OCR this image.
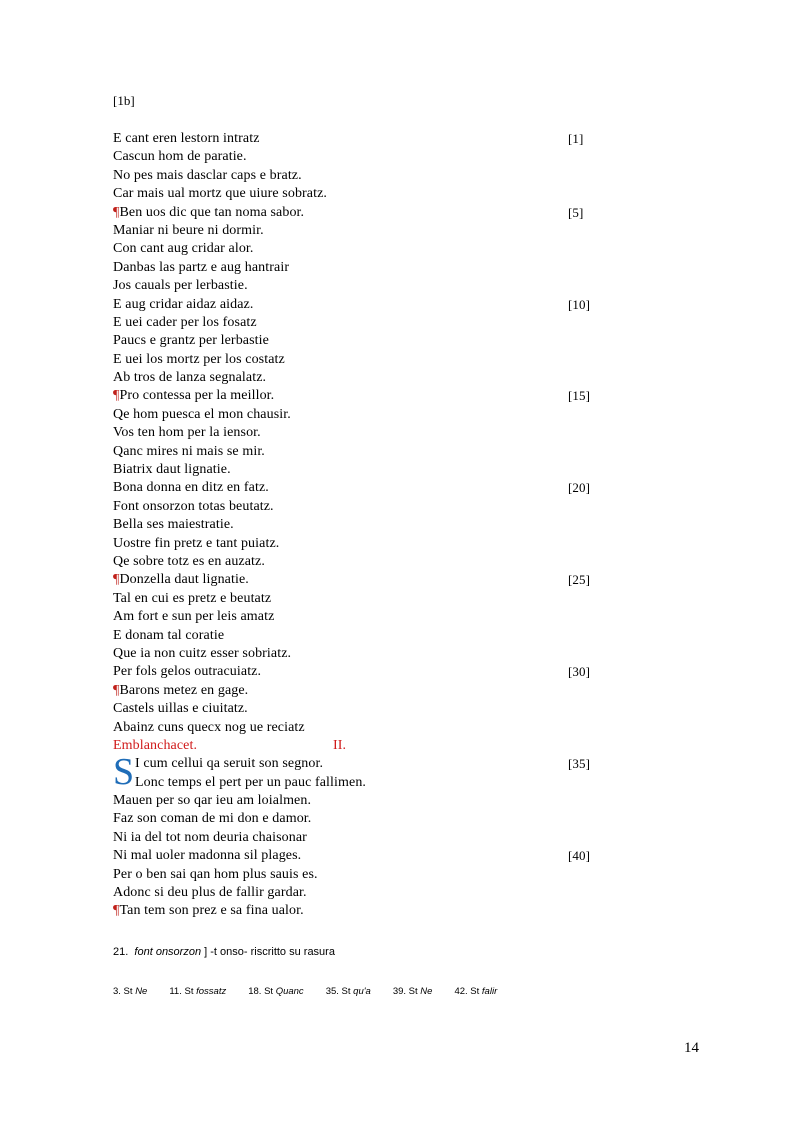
[1b]
E cant eren lestorn intratz	[1]
Cascun hom de paratie.
No pes mais dasclar caps e bratz.
Car mais ual mortz que uiure sobratz.
¶Ben uos dic que tan noma sabor.	[5]
Maniar ni beure ni dormir.
Con cant aug cridar alor.
Danbas las partz e aug hantrair
Jos cauals per lerbastie.
E aug cridar aidaz aidaz.	[10]
E uei cader per los fosatz
Paucs e grantz per lerbastie
E uei los mortz per los costatz
Ab tros de lanza segnalatz.
¶Pro contessa per la meillor.	[15]
Qe hom puesca el mon chausir.
Vos ten hom per la iensor.
Qanc mires ni mais se mir.
Biatrix daut lignatie.
Bona donna en ditz en fatz.	[20]
Font onsorzon totas beutatz.
Bella ses maiestratie.
Uostre fin pretz e tant puiatz.
Qe sobre totz es en auzatz.
¶Donzella daut lignatie.	[25]
Tal en cui es pretz e beutatz
Am fort e sun per leis amatz
E donam tal coratie
Que ia non cuitz esser sobriatz.
Per fols gelos outracuiatz.	[30]
¶Barons metez en gage.
Castels uillas e ciuitatz.
Abainz cuns quecx nog ue reciatz
Emblanchacet.	II.
S I cum cellui qa seruit son segnor.	[35]
Lonc temps el pert per un pauc fallimen.
Mauen per so qar ieu am loialmen.
Faz son coman de mi don e damor.
Ni ia del tot nom deuria chaisonar
Ni mal uoler madonna sil plages.	[40]
Per o ben sai qan hom plus sauis es.
Adonc si deu plus de fallir gardar.
¶Tan tem son prez e sa fina ualor.
21. font onsorzon ] -t onso- riscritto su rasura
3. St Ne 11. St fossatz 18. St Quanc 35. St qu'a 39. St Ne 42. St falir
14
